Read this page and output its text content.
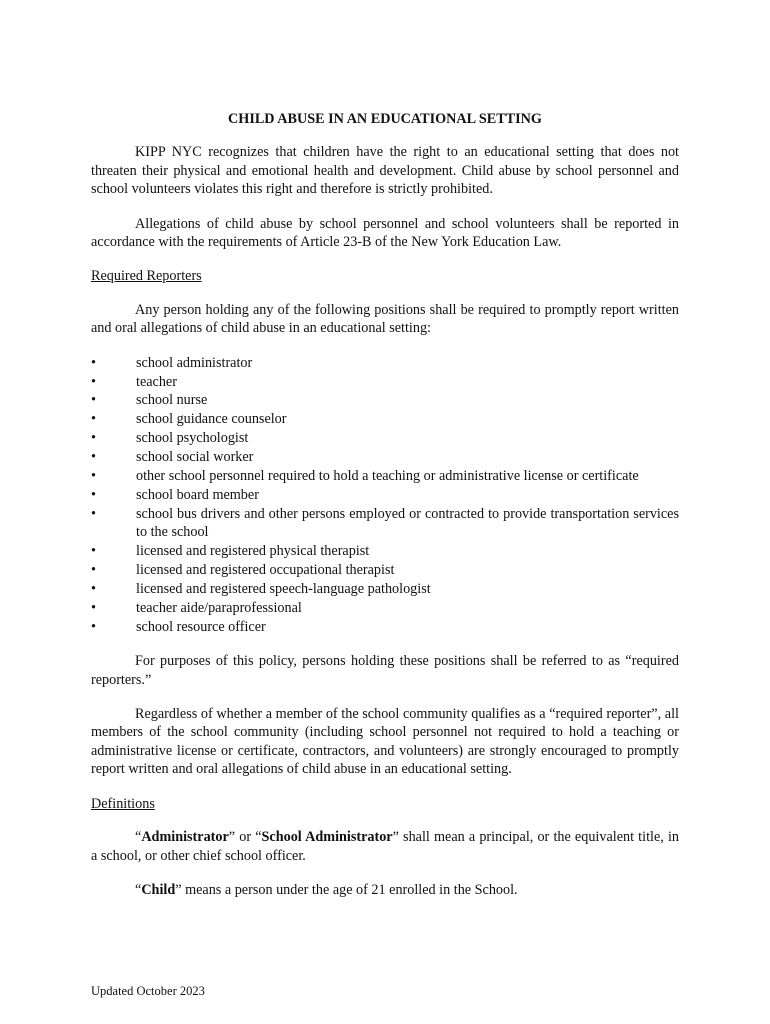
CHILD ABUSE IN AN EDUCATIONAL SETTING

KIPP NYC recognizes that children have the right to an educational setting that does not threaten their physical and emotional health and development. Child abuse by school personnel and school volunteers violates this right and therefore is strictly prohibited.

Allegations of child abuse by school personnel and school volunteers shall be reported in accordance with the requirements of Article 23-B of the New York Education Law.

Required Reporters

Any person holding any of the following positions shall be required to promptly report written and oral allegations of child abuse in an educational setting:

•	school administrator
•	teacher
•	school nurse
•	school guidance counselor
•	school psychologist
•	school social worker
•	other school personnel required to hold a teaching or administrative license or certificate
•	school board member
•	school bus drivers and other persons employed or contracted to provide transportation services to the school
•	licensed and registered physical therapist
•	licensed and registered occupational therapist
•	licensed and registered speech-language pathologist
•	teacher aide/paraprofessional
•	school resource officer

For purposes of this policy, persons holding these positions shall be referred to as “required reporters.”

Regardless of whether a member of the school community qualifies as a “required reporter”, all members of the school community (including school personnel not required to hold a teaching or administrative license or certificate, contractors, and volunteers) are strongly encouraged to promptly report written and oral allegations of child abuse in an educational setting.

Definitions

“Administrator” or “School Administrator” shall mean a principal, or the equivalent title, in a school, or other chief school officer.

“Child” means a person under the age of 21 enrolled in the School.

Updated October 2023
